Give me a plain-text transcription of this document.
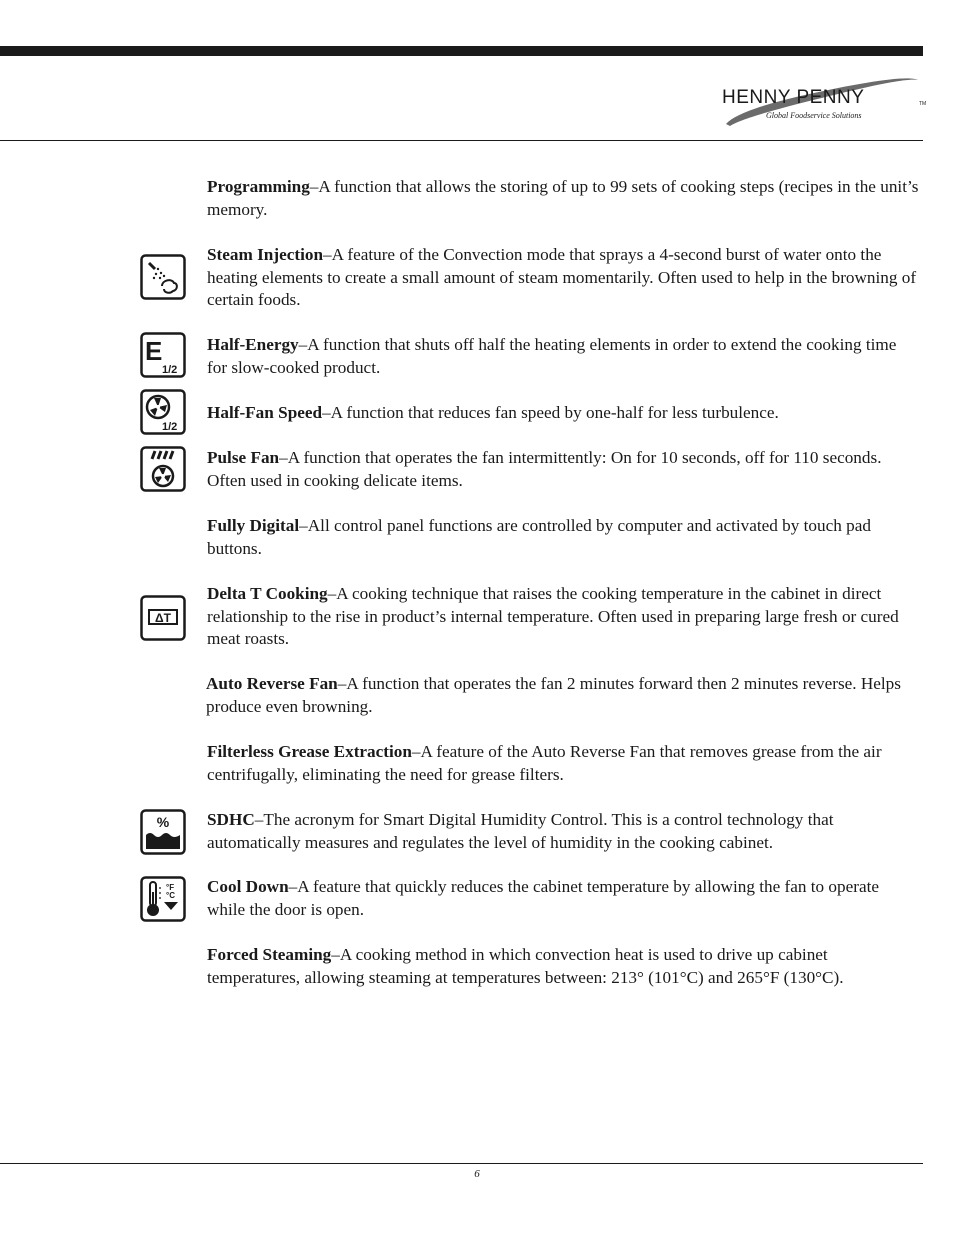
HENNY PENNY	TM
Global Foodservice Solutions

Programming–A function that allows the storing of up to 99 sets of cooking steps (recipes in the unit’s memory.

Steam Injection–A feature of the Convection mode that sprays a 4-second burst of water onto the heating elements to create a small amount of steam momentarily. Often used to help in the browning of certain foods.

E
1/2

Half-Energy–A function that shuts off half the heating elements in order to extend the cooking time for slow-cooked product.

1/2

Half-Fan Speed–A function that reduces fan speed by one-half for less turbulence.

Pulse Fan–A function that operates the fan intermittently: On for 10 seconds, off for 110 seconds. Often used in cooking delicate items.

Fully Digital–All control panel functions are controlled by computer and activated by touch pad buttons.

ΔT

Delta T Cooking–A cooking technique that raises the cooking temperature in the cabinet in direct relationship to the rise in product’s internal temperature. Often used in preparing large fresh or cured meat roasts.

Auto Reverse Fan–A function that operates the fan 2 minutes forward then 2 minutes reverse. Helps produce even browning.

Filterless Grease Extraction–A feature of the Auto Reverse Fan that removes grease from the air centrifugally, eliminating the need for grease filters.

% SDHC–The acronym for Smart Digital Humidity Control. This is a control technology that automatically measures and regulates the level of humidity in the cooking cabinet.

°F
°C Cool Down–A feature that quickly reduces the cabinet temperature by allowing the fan to operate while the door is open.

Forced Steaming–A cooking method in which convection heat is used to drive up cabinet temperatures, allowing steaming at temperatures between: 213° (101°C) and 265°F (130°C).

6
